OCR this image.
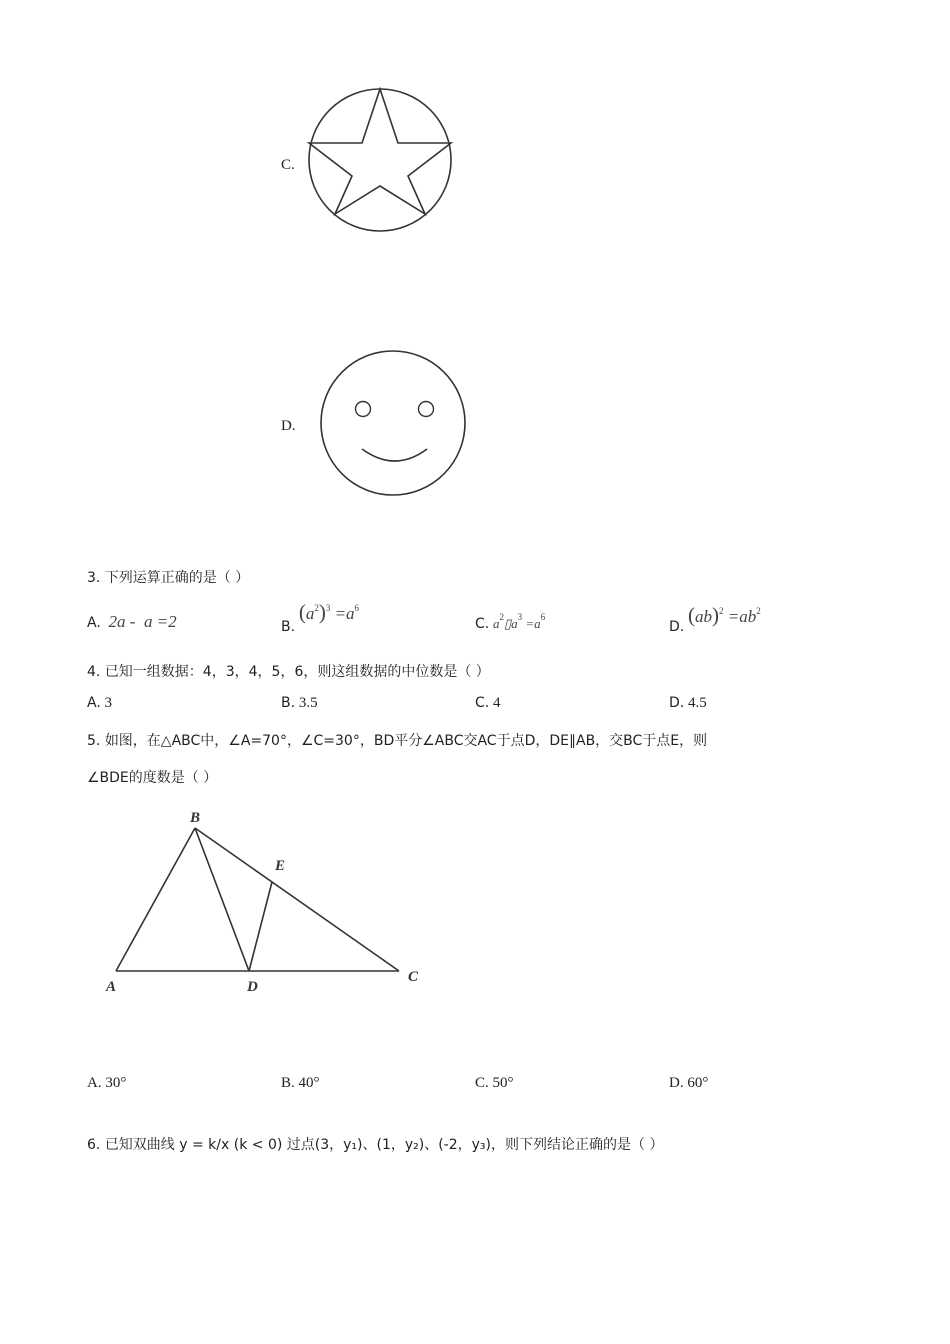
C.
D.
3. 下列运算正确的是（ ）
A. 2a -  a =2	B. $(a^2)^3 =a^6$
C. $a^2▯a^3 =a^6$
D. $(ab)^2 =ab^2$
4. 已知一组数据：4，3，4，5，6，则这组数据的中位数是（ ）
A. 3	B. 3.5	C. 4	D. 4.5
5. 如图，在△ABC中，∠A=70°，∠C=30°，BD平分∠ABC交AC于点D，DE∥AB，交BC于点E，则
∠BDE的度数是（ ）
B
E
A	D
C
A. 30°	B. 40°	C. 50°	D. 60°
6. 已知双曲线 y = k/x (k < 0) 过点(3，y₁)、(1，y₂)、(-2，y₃)，则下列结论正确的是（ ）
